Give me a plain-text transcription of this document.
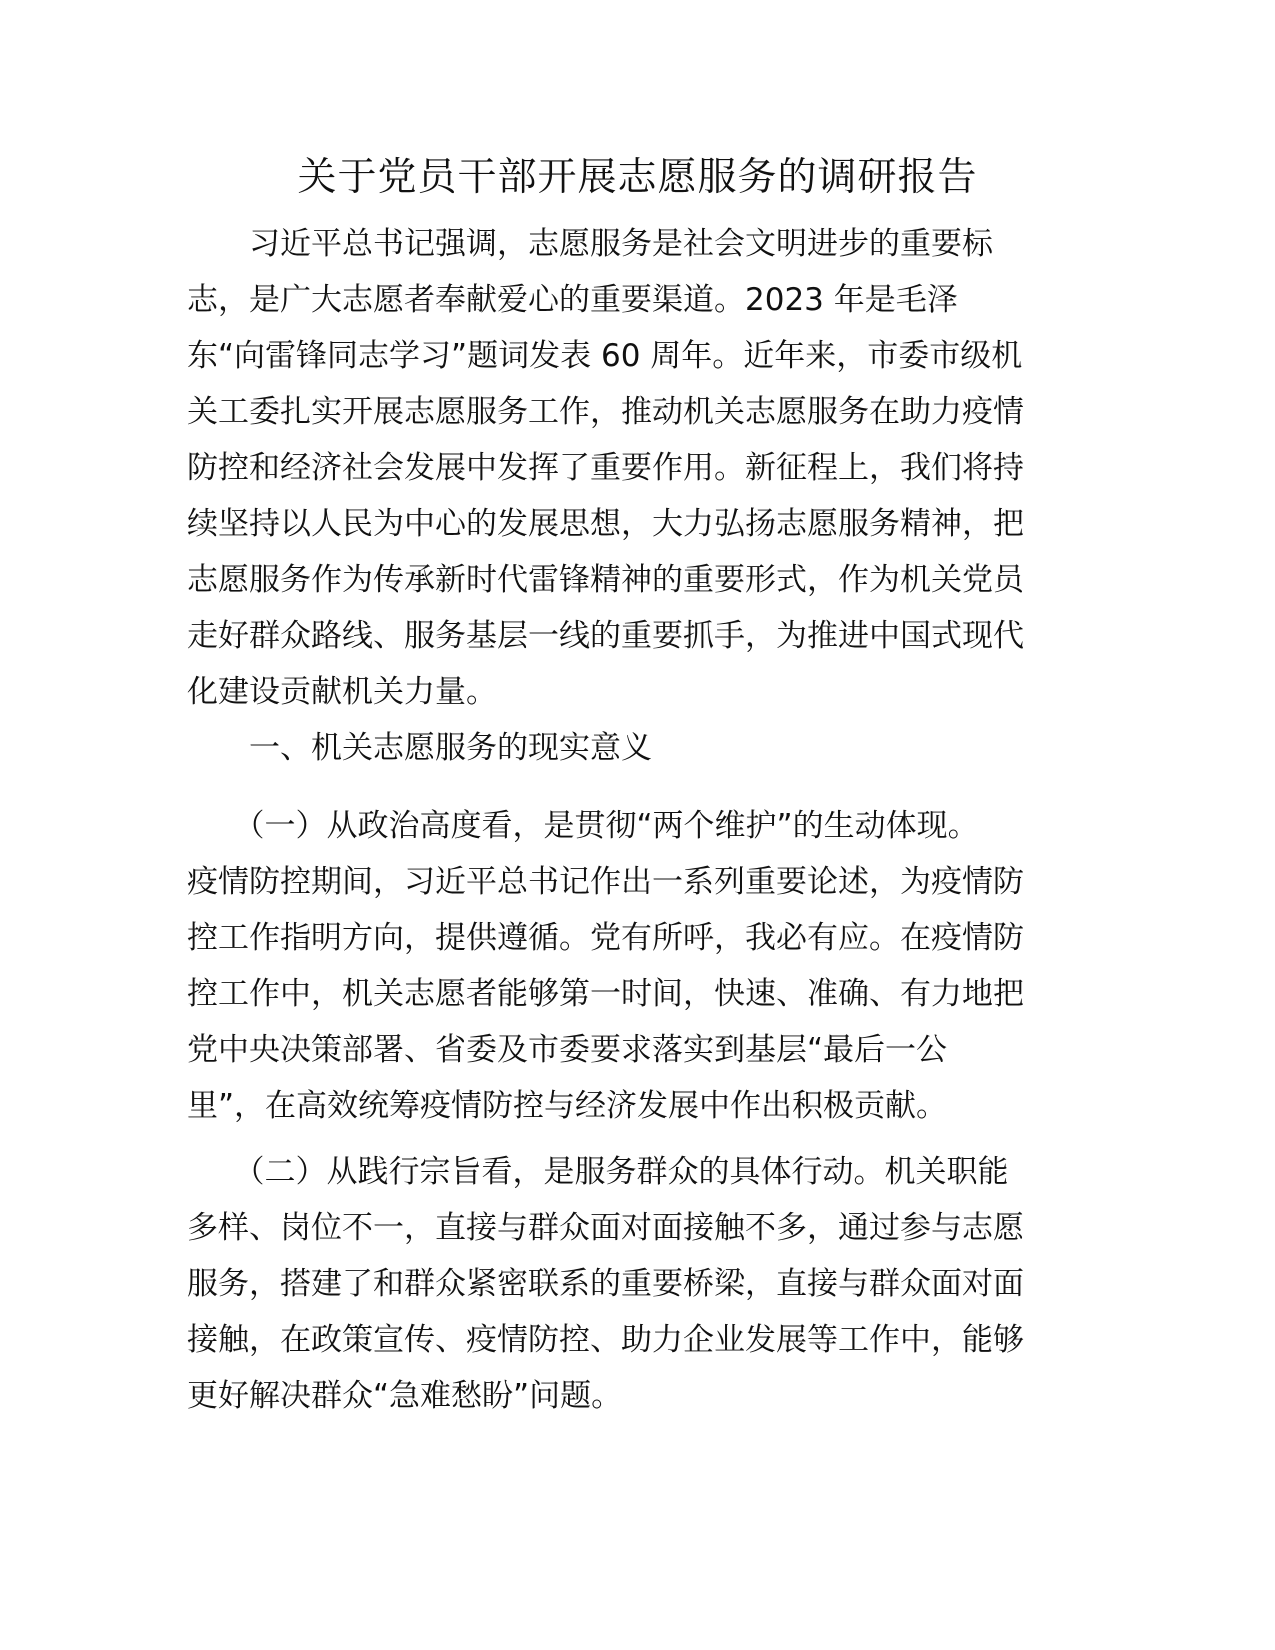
关于党员干部开展志愿服务的调研报告

　　习近平总书记强调，志愿服务是社会文明进步的重要标

志，是广大志愿者奉献爱心的重要渠道。2023 年是毛泽

东“向雷锋同志学习”题词发表 60 周年。近年来，市委市级机

关工委扎实开展志愿服务工作，推动机关志愿服务在助力疫情

防控和经济社会发展中发挥了重要作用。新征程上，我们将持

续坚持以人民为中心的发展思想，大力弘扬志愿服务精神，把

志愿服务作为传承新时代雷锋精神的重要形式，作为机关党员

走好群众路线、服务基层一线的重要抓手，为推进中国式现代

化建设贡献机关力量。

　　一、机关志愿服务的现实意义

　　（一）从政治高度看，是贯彻“两个维护”的生动体现。

疫情防控期间，习近平总书记作出一系列重要论述，为疫情防

控工作指明方向，提供遵循。党有所呼，我必有应。在疫情防

控工作中，机关志愿者能够第一时间，快速、准确、有力地把

党中央决策部署、省委及市委要求落实到基层“最后一公

里”，在高效统筹疫情防控与经济发展中作出积极贡献。

　　（二）从践行宗旨看，是服务群众的具体行动。机关职能

多样、岗位不一，直接与群众面对面接触不多，通过参与志愿

服务，搭建了和群众紧密联系的重要桥梁，直接与群众面对面

接触，在政策宣传、疫情防控、助力企业发展等工作中，能够

更好解决群众“急难愁盼”问题。
